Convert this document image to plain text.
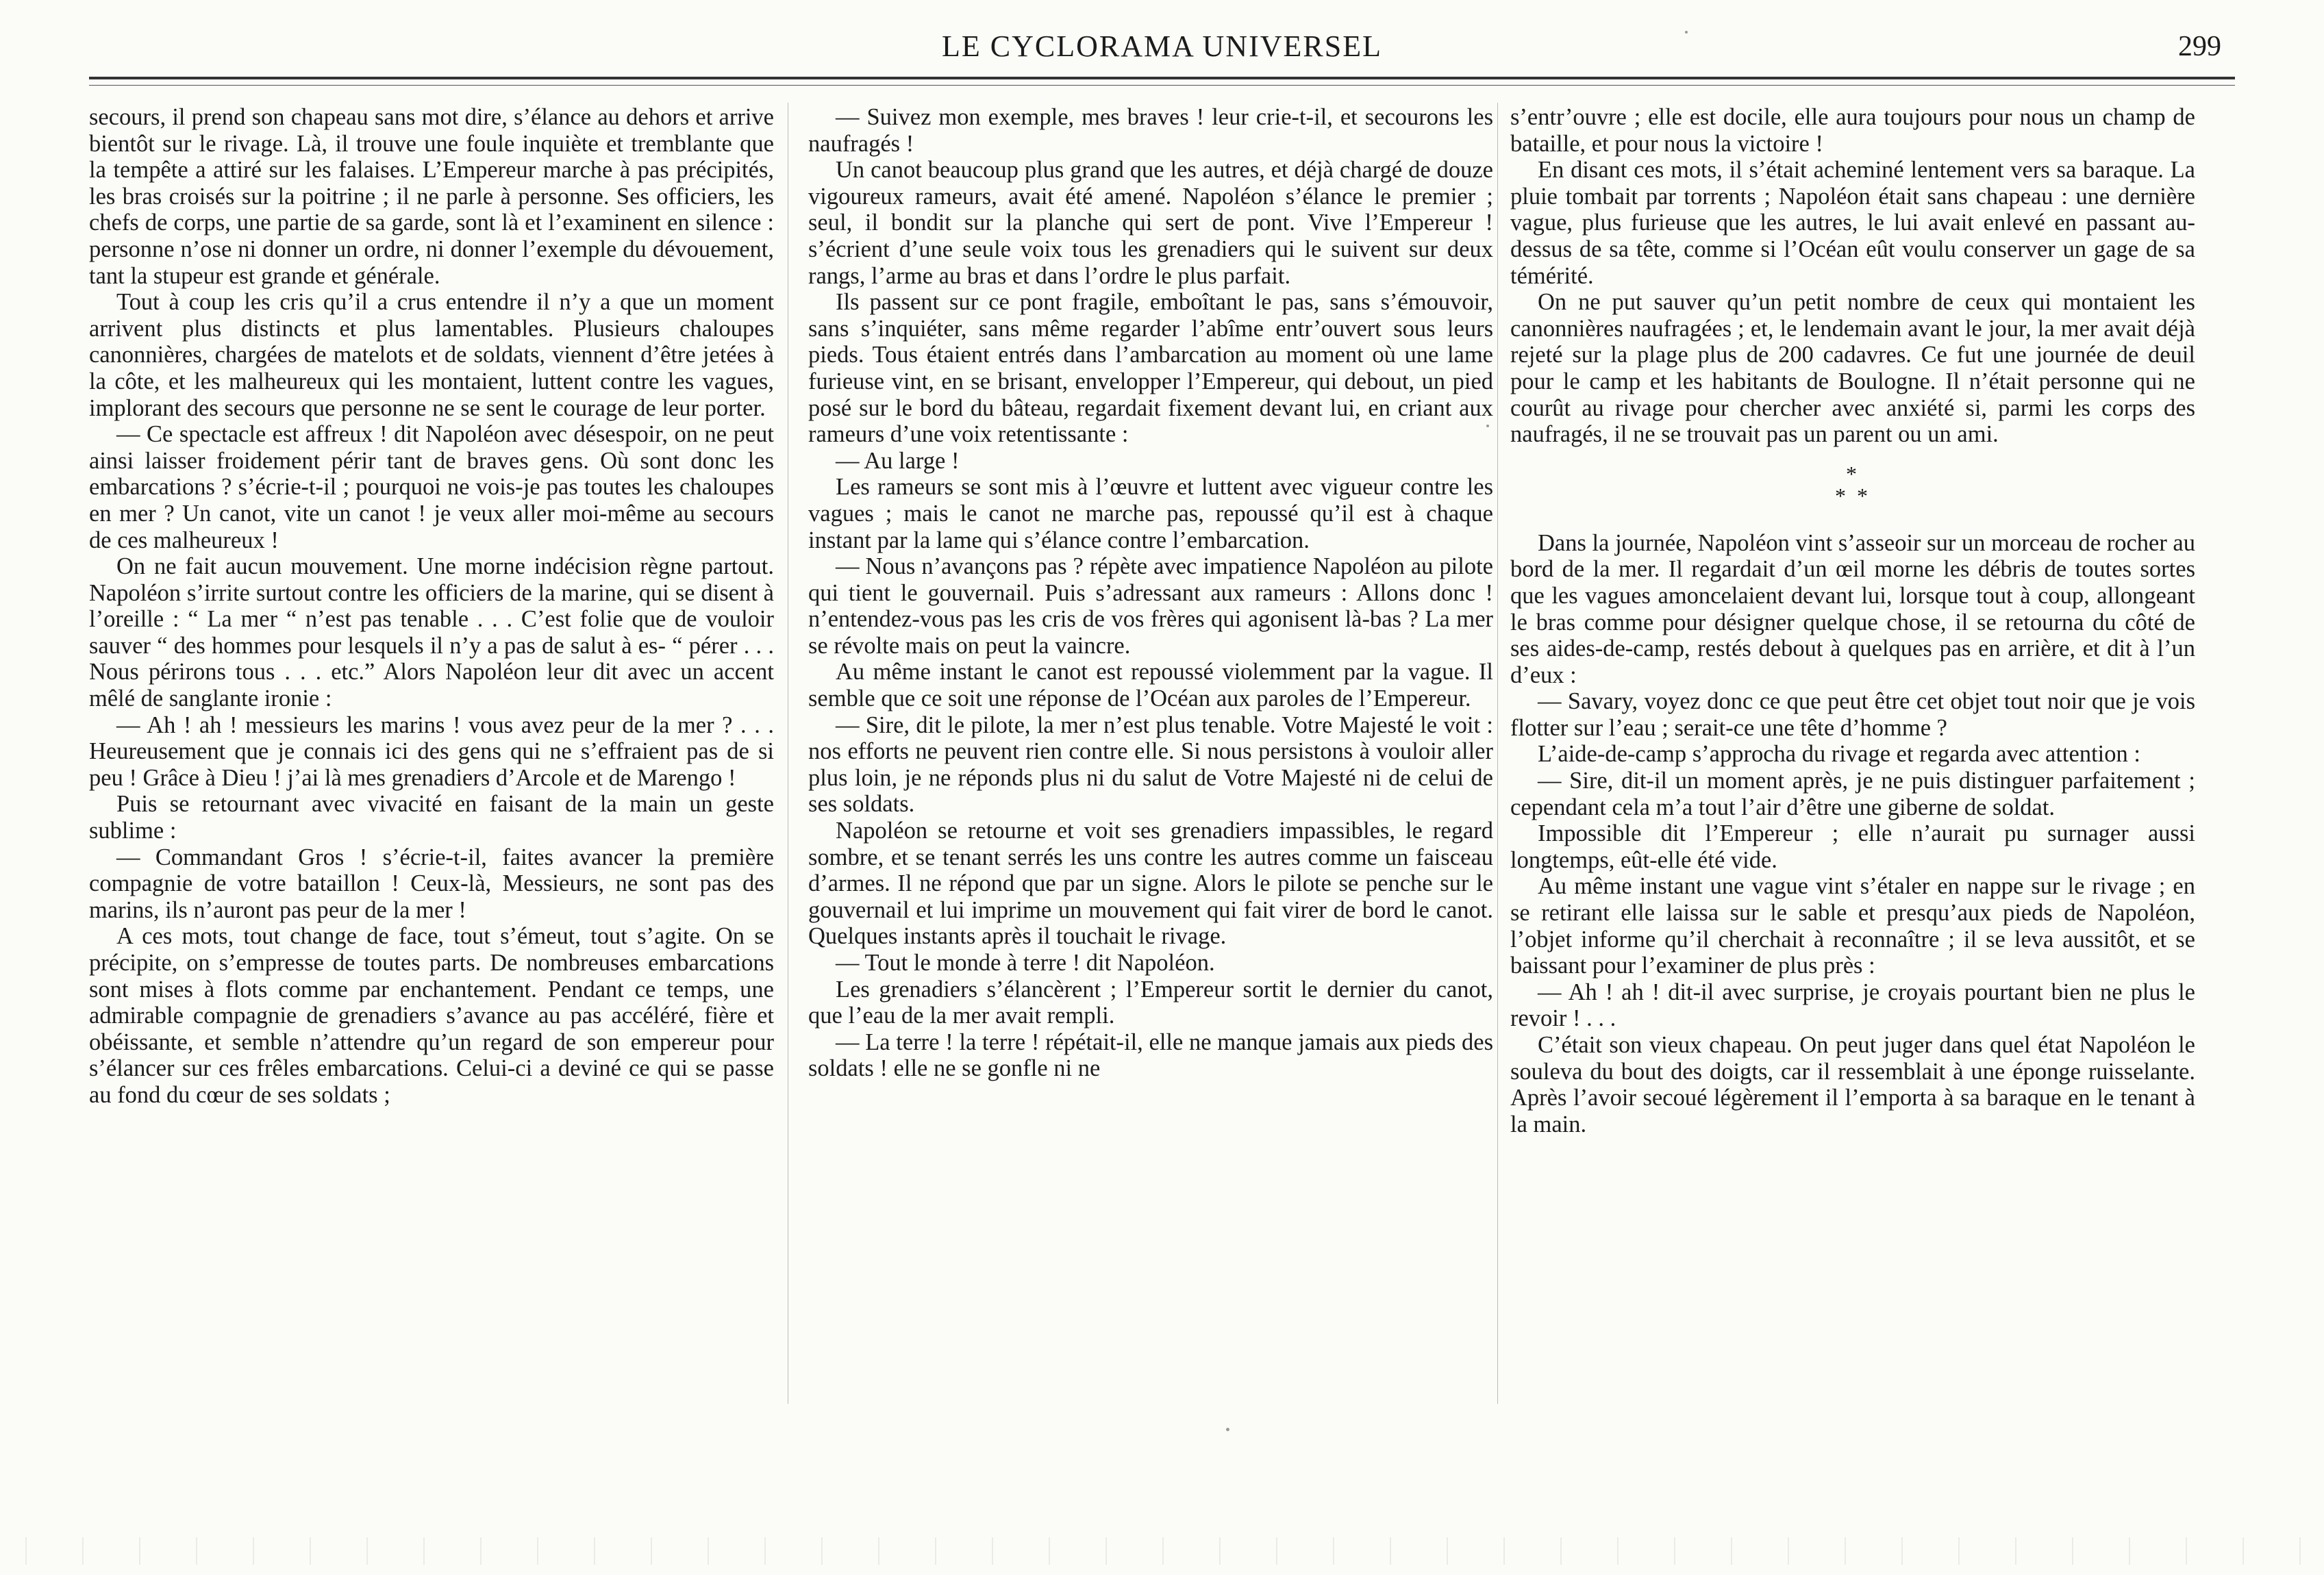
LE CYCLORAMA UNIVERSEL	299

secours, il prend son chapeau sans mot dire, s’élance au dehors et arrive bientôt sur le rivage. Là, il trouve une foule inquiète et tremblante que la tempête a attiré sur les falaises. L’Empereur marche à pas précipités, les bras croisés sur la poitrine ; il ne parle à personne. Ses officiers, les chefs de corps, une partie de sa garde, sont là et l’examinent en silence : personne n’ose ni donner un ordre, ni donner l’exemple du dévouement, tant la stupeur est grande et générale.

Tout à coup les cris qu’il a crus entendre il n’y a que un moment arrivent plus distincts et plus lamentables. Plusieurs chaloupes canonnières, chargées de matelots et de soldats, viennent d’être jetées à la côte, et les malheureux qui les montaient, luttent contre les vagues, implorant des secours que personne ne se sent le courage de leur porter.

— Ce spectacle est affreux ! dit Napoléon avec désespoir, on ne peut ainsi laisser froidement périr tant de braves gens. Où sont donc les embarcations ? s’écrie-t-il ; pourquoi ne vois-je pas toutes les chaloupes en mer ? Un canot, vite un canot ! je veux aller moi-même au secours de ces malheureux !

On ne fait aucun mouvement. Une morne indécision règne partout. Napoléon s’irrite surtout contre les officiers de la marine, qui se disent à l’oreille : “ La mer “ n’est pas tenable . . . C’est folie que de vouloir sauver “ des hommes pour lesquels il n’y a pas de salut à es- “ pérer . . . Nous périrons tous . . . etc.” Alors Napoléon leur dit avec un accent mêlé de sanglante ironie :

— Ah ! ah ! messieurs les marins ! vous avez peur de la mer ? . . . Heureusement que je connais ici des gens qui ne s’effraient pas de si peu ! Grâce à Dieu ! j’ai là mes grenadiers d’Arcole et de Marengo !

Puis se retournant avec vivacité en faisant de la main un geste sublime :

— Commandant Gros ! s’écrie-t-il, faites avancer la première compagnie de votre bataillon ! Ceux-là, Messieurs, ne sont pas des marins, ils n’auront pas peur de la mer !

A ces mots, tout change de face, tout s’émeut, tout s’agite. On se précipite, on s’empresse de toutes parts. De nombreuses embarcations sont mises à flots comme par enchantement. Pendant ce temps, une admirable compagnie de grenadiers s’avance au pas accéléré, fière et obéissante, et semble n’attendre qu’un regard de son empereur pour s’élancer sur ces frêles embarcations. Celui-ci a deviné ce qui se passe au fond du cœur de ses soldats ;

— Suivez mon exemple, mes braves ! leur crie-t-il, et secourons les naufragés !

Un canot beaucoup plus grand que les autres, et déjà chargé de douze vigoureux rameurs, avait été amené. Napoléon s’élance le premier ; seul, il bondit sur la planche qui sert de pont. Vive l’Empereur ! s’écrient d’une seule voix tous les grenadiers qui le suivent sur deux rangs, l’arme au bras et dans l’ordre le plus parfait.

Ils passent sur ce pont fragile, emboîtant le pas, sans s’émouvoir, sans s’inquiéter, sans même regarder l’abîme entr’ouvert sous leurs pieds. Tous étaient entrés dans l’ambarcation au moment où une lame furieuse vint, en se brisant, envelopper l’Empereur, qui debout, un pied posé sur le bord du bâteau, regardait fixement devant lui, en criant aux rameurs d’une voix retentissante :

— Au large !

Les rameurs se sont mis à l’œuvre et luttent avec vigueur contre les vagues ; mais le canot ne marche pas, repoussé qu’il est à chaque instant par la lame qui s’élance contre l’embarcation.

— Nous n’avançons pas ? répète avec impatience Napoléon au pilote qui tient le gouvernail. Puis s’adressant aux rameurs : Allons donc ! n’entendez-vous pas les cris de vos frères qui agonisent là-bas ? La mer se révolte mais on peut la vaincre.

Au même instant le canot est repoussé violemment par la vague. Il semble que ce soit une réponse de l’Océan aux paroles de l’Empereur.

— Sire, dit le pilote, la mer n’est plus tenable. Votre Majesté le voit : nos efforts ne peuvent rien contre elle. Si nous persistons à vouloir aller plus loin, je ne réponds plus ni du salut de Votre Majesté ni de celui de ses soldats.

Napoléon se retourne et voit ses grenadiers impassibles, le regard sombre, et se tenant serrés les uns contre les autres comme un faisceau d’armes. Il ne répond que par un signe. Alors le pilote se penche sur le gouvernail et lui imprime un mouvement qui fait virer de bord le canot. Quelques instants après il touchait le rivage.

— Tout le monde à terre ! dit Napoléon.

Les grenadiers s’élancèrent ; l’Empereur sortit le dernier du canot, que l’eau de la mer avait rempli.

— La terre ! la terre ! répétait-il, elle ne manque jamais aux pieds des soldats ! elle ne se gonfle ni ne

s’entr’ouvre ; elle est docile, elle aura toujours pour nous un champ de bataille, et pour nous la victoire !

En disant ces mots, il s’était acheminé lentement vers sa baraque. La pluie tombait par torrents ; Napoléon était sans chapeau : une dernière vague, plus furieuse que les autres, le lui avait enlevé en passant au-dessus de sa tête, comme si l’Océan eût voulu conserver un gage de sa témérité.

On ne put sauver qu’un petit nombre de ceux qui montaient les canonnières naufragées ; et, le lendemain avant le jour, la mer avait déjà rejeté sur la plage plus de 200 cadavres. Ce fut une journée de deuil pour le camp et les habitants de Boulogne. Il n’était personne qui ne courût au rivage pour chercher avec anxiété si, parmi les corps des naufragés, il ne se trouvait pas un parent ou un ami.

*
* *

Dans la journée, Napoléon vint s’asseoir sur un morceau de rocher au bord de la mer. Il regardait d’un œil morne les débris de toutes sortes que les vagues amoncelaient devant lui, lorsque tout à coup, allongeant le bras comme pour désigner quelque chose, il se retourna du côté de ses aides-de-camp, restés debout à quelques pas en arrière, et dit à l’un d’eux :

— Savary, voyez donc ce que peut être cet objet tout noir que je vois flotter sur l’eau ; serait-ce une tête d’homme ?

L’aide-de-camp s’approcha du rivage et regarda avec attention :

— Sire, dit-il un moment après, je ne puis distinguer parfaitement ; cependant cela m’a tout l’air d’être une giberne de soldat.

Impossible dit l’Empereur ; elle n’aurait pu surnager aussi longtemps, eût-elle été vide.

Au même instant une vague vint s’étaler en nappe sur le rivage ; en se retirant elle laissa sur le sable et presqu’aux pieds de Napoléon, l’objet informe qu’il cherchait à reconnaître ; il se leva aussitôt, et se baissant pour l’examiner de plus près :

— Ah ! ah ! dit-il avec surprise, je croyais pourtant bien ne plus le revoir ! . . .

C’était son vieux chapeau. On peut juger dans quel état Napoléon le souleva du bout des doigts, car il ressemblait à une éponge ruisselante. Après l’avoir secoué légèrement il l’emporta à sa baraque en le tenant à la main.
